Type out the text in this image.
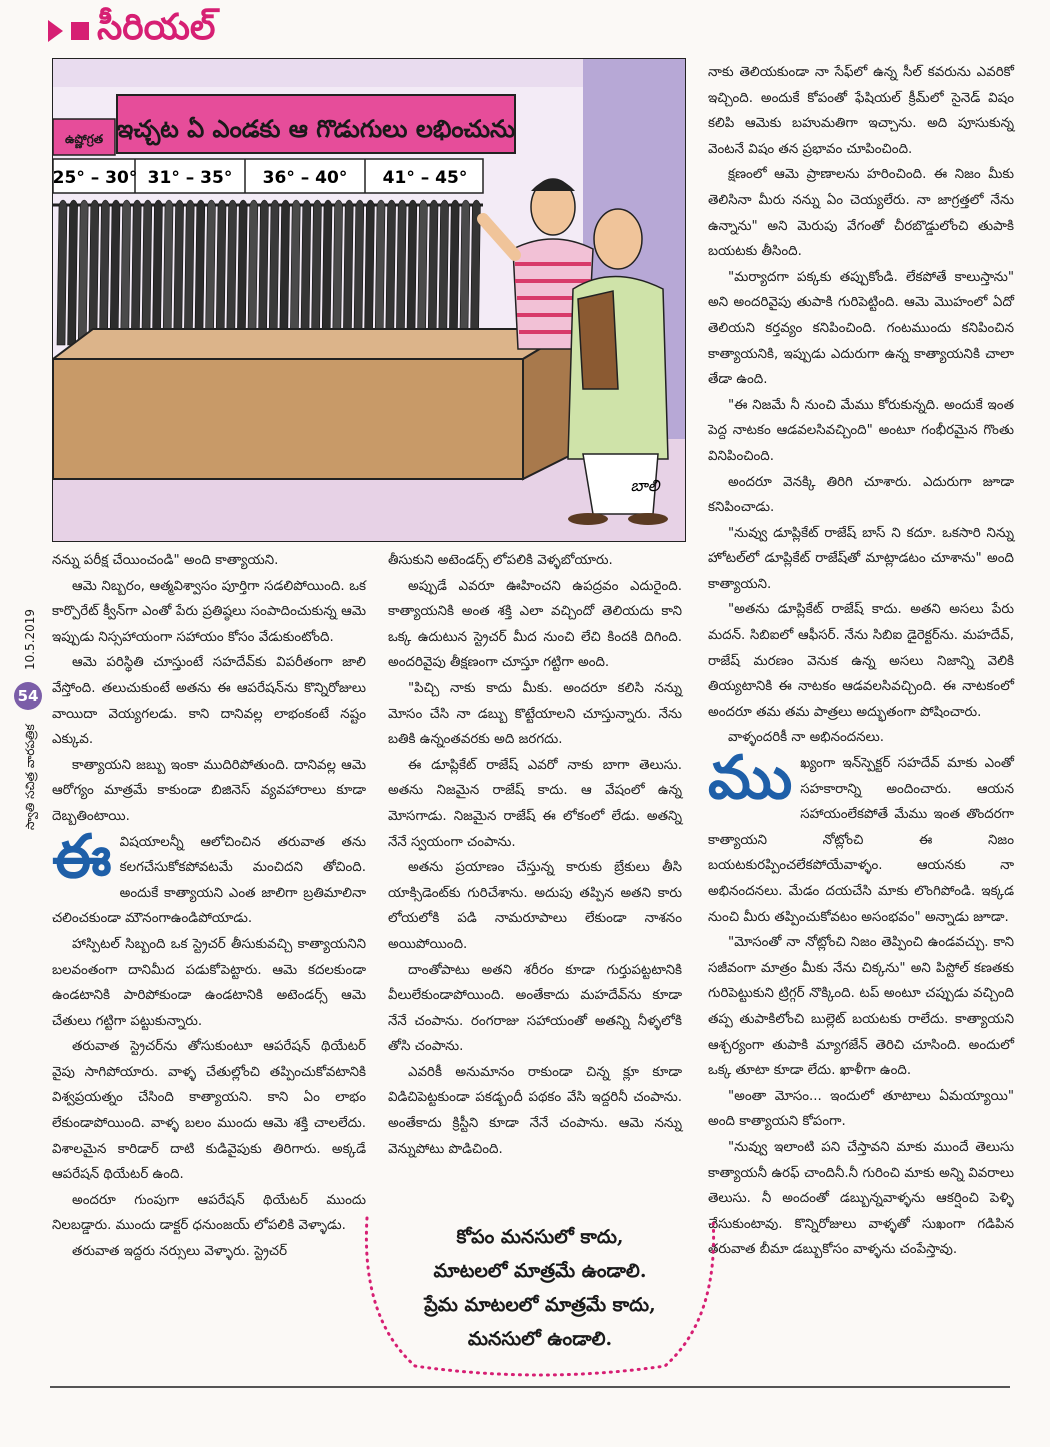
సీరియల్
ఇచ్చట ఏ ఎండకు ఆ గొడుగులు లభించును
ఉష్ణోగ్రత
25° – 30° 31° – 35° 36° – 40° 41° – 45°
బాలి
10.5.2019
స్వాతి సచిత్ర వారపత్రిక
54

నాకు తెలియకుండా నా సేఫ్‌లో ఉన్న సీల్ కవరును ఎవరికో ఇచ్చింది. అందుకే కోపంతో ఫేషియల్ క్రీమ్‌లో సైనెడ్ విషం కలిపి ఆమెకు బహుమతిగా ఇచ్చాను. అది పూసుకున్న వెంటనే విషం తన ప్రభావం చూపించింది.

క్షణంలో ఆమె ప్రాణాలను హరించింది. ఈ నిజం మీకు తెలిసినా మీరు నన్ను ఏం చెయ్యలేరు. నా జాగ్రత్తలో నేను ఉన్నాను" అని మెరుపు వేగంతో చీరబొడ్డులోంచి తుపాకి బయటకు తీసింది.

"మర్యాదగా పక్కకు తప్పుకోండి. లేకపోతే కాలుస్తాను" అని అందరివైపు తుపాకి గురిపెట్టింది. ఆమె మొహంలో ఏదో తెలియని కర్తవ్యం కనిపించింది. గంటముందు కనిపించిన కాత్యాయనికి, ఇప్పుడు ఎదురుగా ఉన్న కాత్యాయనికి చాలా తేడా ఉంది.

"ఈ నిజమే నీ నుంచి మేము కోరుకున్నది. అందుకే ఇంత పెద్ద నాటకం ఆడవలసివచ్చింది" అంటూ గంభీరమైన గొంతు వినిపించింది.

అందరూ వెనక్కి తిరిగి చూశారు. ఎదురుగా జూడా కనిపించాడు.

"నువ్వు డూప్లికేట్ రాజేష్ బాస్ ని కదూ. ఒకసారి నిన్ను హోటల్‌లో డూప్లికేట్ రాజేష్‌తో మాట్లాడటం చూశాను" అంది కాత్యాయని.

"అతను డూప్లికేట్ రాజేష్ కాదు. అతని అసలు పేరు మదన్. సిబిఐలో ఆఫీసర్. నేను సిబిఐ డైరెక్టర్‌ను. మహదేవ్, రాజేష్ మరణం వెనుక ఉన్న అసలు నిజాన్ని వెలికి తియ్యటానికి ఈ నాటకం ఆడవలసివచ్చింది. ఈ నాటకంలో అందరూ తమ తమ పాత్రలు అద్భుతంగా పోషించారు.

వాళ్ళందరికీ నా అభినందనలు.

ము ఖ్యంగా ఇన్‌స్పెక్టర్ సహదేవ్ మాకు ఎంతో సహకారాన్ని అందించారు. ఆయన సహాయంలేకపోతే మేము ఇంత తొందరగా కాత్యాయని నోట్లోంచి ఈ నిజం బయటకురప్పించలేకపోయేవాళ్ళం. ఆయనకు నా అభినందనలు. మేడం దయచేసి మాకు లొంగిపోండి. ఇక్కడ నుంచి మీరు తప్పించుకోవటం అసంభవం" అన్నాడు జూడా.

"మోసంతో నా నోట్లోంచి నిజం తెప్పించి ఉండవచ్చు. కాని సజీవంగా మాత్రం మీకు నేను చిక్కను" అని పిస్టోల్ కణతకు గురిపెట్టుకుని ట్రిగ్గర్ నొక్కింది. టప్ అంటూ చప్పుడు వచ్చింది తప్ప తుపాకిలోంచి బుల్లెట్ బయటకు రాలేదు. కాత్యాయని ఆశ్చర్యంగా తుపాకి మ్యాగజేన్ తెరిచి చూసింది. అందులో ఒక్క తూటా కూడా లేదు. ఖాళీగా ఉంది.

"అంతా మోసం... ఇందులో తూటాలు ఏమయ్యాయి" అంది కాత్యాయని కోపంగా.

"నువ్వు ఇలాంటి పని చేస్తావని మాకు ముందే తెలుసు కాత్యాయనీ ఉరఫ్ చాందినీ.నీ గురించి మాకు అన్ని వివరాలు తెలుసు. నీ అందంతో డబ్బున్నవాళ్ళను ఆకర్షించి పెళ్ళి చేసుకుంటావు. కొన్నిరోజులు వాళ్ళతో సుఖంగా గడిపిన తరువాత బీమా డబ్బుకోసం వాళ్ళను చంపేస్తావు.

నన్ను పరీక్ష చేయించండి" అంది కాత్యాయని.

ఆమె నిబ్బరం, ఆత్మవిశ్వాసం పూర్తిగా సడలిపోయింది. ఒక కార్పొరేట్ క్వీన్‌గా ఎంతో పేరు ప్రతిష్ఠలు సంపాదించుకున్న ఆమె ఇప్పుడు నిస్సహాయంగా సహాయం కోసం వేడుకుంటోంది.

ఆమె పరిస్థితి చూస్తుంటే సహదేవ్‌కు విపరీతంగా జాలి వేస్తోంది. తలుచుకుంటే అతను ఈ ఆపరేషన్‌ను కొన్నిరోజులు వాయిదా వెయ్యగలడు. కాని దానివల్ల లాభంకంటే నష్టం ఎక్కువ.

కాత్యాయని జబ్బు ఇంకా ముదిరిపోతుంది. దానివల్ల ఆమె ఆరోగ్యం మాత్రమే కాకుండా బిజినెస్ వ్యవహారాలు కూడా దెబ్బతింటాయి.

ఈ విషయాలన్నీ ఆలోచించిన తరువాత తను కలగచేసుకోకపోవటమే మంచిదని తోచింది. అందుకే కాత్యాయని ఎంత జాలిగా బ్రతిమాలినా చలించకుండా మౌనంగాఉండిపోయాడు.

హాస్పిటల్ సిబ్బంది ఒక స్ట్రెచర్ తీసుకువచ్చి కాత్యాయనిని బలవంతంగా దానిమీద పడుకోపెట్టారు. ఆమె కదలకుండా ఉండటానికి పారిపోకుండా ఉండటానికి అటెండర్స్ ఆమె చేతులు గట్టిగా పట్టుకున్నారు.

తరువాత స్ట్రెచర్‌ను తోసుకుంటూ ఆపరేషన్ థియేటర్ వైపు సాగిపోయారు. వాళ్ళ చేతుల్లోంచి తప్పించుకోవటానికి విశ్వప్రయత్నం చేసింది కాత్యాయని. కాని ఏం లాభం లేకుండాపోయింది. వాళ్ళ బలం ముందు ఆమె శక్తి చాలలేదు. విశాలమైన కారిడార్ దాటి కుడివైపుకు తిరిగారు. అక్కడే ఆపరేషన్ థియేటర్ ఉంది.

అందరూ గుంపుగా ఆపరేషన్ థియేటర్ ముందు నిలబడ్డారు. ముందు డాక్టర్ ధనుంజయ్ లోపలికి వెళ్ళాడు.

తరువాత ఇద్దరు నర్సులు వెళ్ళారు. స్ట్రెచర్

తీసుకుని అటెండర్స్ లోపలికి వెళ్ళబోయారు.

అప్పుడే ఎవరూ ఊహించని ఉపద్రవం ఎదురైంది. కాత్యాయనికి అంత శక్తి ఎలా వచ్చిందో తెలియదు కాని ఒక్క ఉదుటున స్ట్రెచర్ మీద నుంచి లేచి కిందకి దిగింది. అందరివైపు తీక్షణంగా చూస్తూ గట్టిగా అంది.

"పిచ్చి నాకు కాదు మీకు. అందరూ కలిసి నన్ను మోసం చేసి నా డబ్బు కొట్టేయాలని చూస్తున్నారు. నేను బతికి ఉన్నంతవరకు అది జరగదు.

ఈ డూప్లికేట్ రాజేష్ ఎవరో నాకు బాగా తెలుసు. అతను నిజమైన రాజేష్ కాదు. ఆ వేషంలో ఉన్న మోసగాడు. నిజమైన రాజేష్ ఈ లోకంలో లేడు. అతన్ని నేనే స్వయంగా చంపాను.

అతను ప్రయాణం చేస్తున్న కారుకు బ్రేకులు తీసి యాక్సిడెంట్‌కు గురిచేశాను. అదుపు తప్పిన అతని కారు లోయలోకి పడి నామరూపాలు లేకుండా నాశనం అయిపోయింది.

దాంతోపాటు అతని శరీరం కూడా గుర్తుపట్టటానికి వీలులేకుండాపోయింది. అంతేకాదు మహదేవ్‌ను కూడా నేనే చంపాను. రంగరాజు సహాయంతో అతన్ని నీళ్ళలోకి తోసి చంపాను.

ఎవరికీ అనుమానం రాకుండా చిన్న క్లూ కూడా విడిచిపెట్టకుండా పకడ్బందీ పథకం వేసి ఇద్దరినీ చంపాను. అంతేకాదు క్రిస్టీని కూడా నేనే చంపాను. ఆమె నన్ను వెన్నుపోటు పొడిచింది.

కోపం మనసులో కాదు,
మాటలలో మాత్రమే ఉండాలి.
ప్రేమ మాటలలో మాత్రమే కాదు,
మనసులో ఉండాలి.
